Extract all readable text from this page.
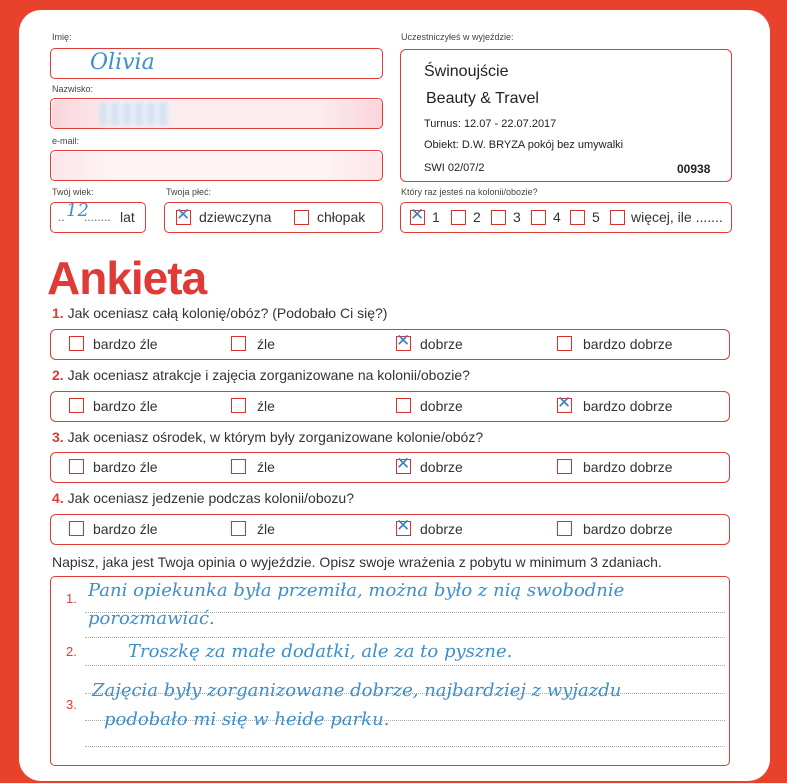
Imię:
Olivia
Nazwisko:
e-mail:
Twój wiek:
.. 12
........ lat
Twoja płeć:
✕
dziewczyna	chłopak
Uczestniczyłeś w wyjeździe:
Świnoujście
Beauty & Travel
Turnus: 12.07 - 22.07.2017
Obiekt: D.W. BRYZA pokój bez umywalki
SWI 02/07/2	00938
Który raz jesteś na kolonii/obozie?
✕
1 2 3 4 5 więcej, ile .......
Ankieta
1. Jak oceniasz całą kolonię/obóz? (Podobało Ci się?)
bardzo źle	źle ✕	dobrze	bardzo dobrze
2. Jak oceniasz atrakcje i zajęcia zorganizowane na kolonii/obozie?
bardzo źle	źle	dobrze ✕	bardzo dobrze
3. Jak oceniasz ośrodek, w którym były zorganizowane kolonie/obóz?
bardzo źle	źle ✕	dobrze	bardzo dobrze
4. Jak oceniasz jedzenie podczas kolonii/obozu?
bardzo źle	źle ✕	dobrze	bardzo dobrze
Napisz, jaka jest Twoja opinia o wyjeździe. Opisz swoje wrażenia z pobytu w minimum 3 zdaniach.
1. Pani opiekunka była przemiła, można było z nią swobodnie
porozmawiać.
2.	Troszkę za małe dodatki, ale za to pyszne.
3.
Zajęcia były zorganizowane dobrze, najbardziej z wyjazdu
podobało mi się w heide parku.
